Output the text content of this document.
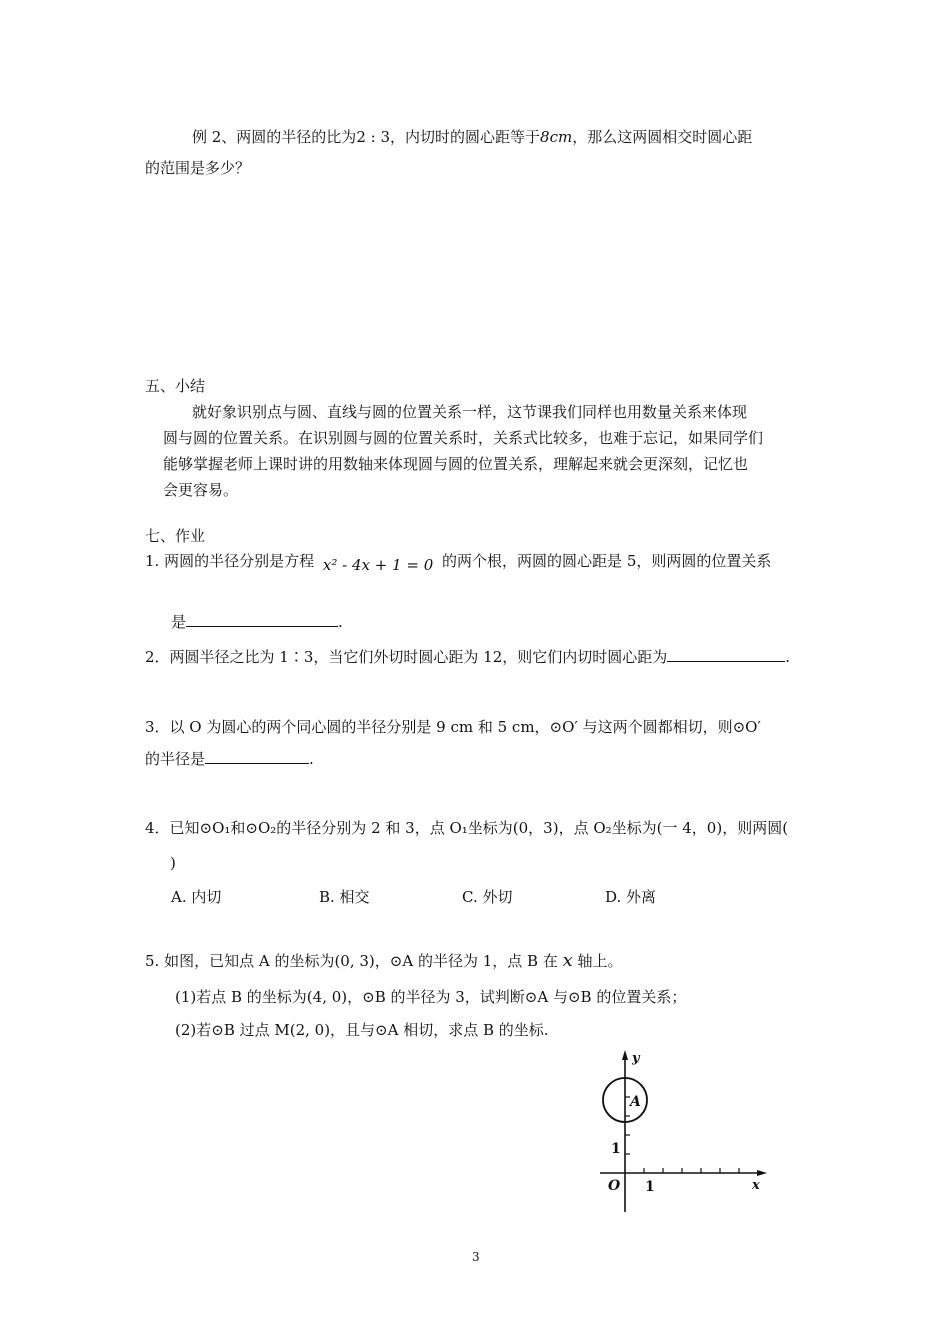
例 2、两圆的半径的比为2 : 3，内切时的圆心距等于8cm，那么这两圆相交时圆心距
的范围是多少？
五、小结
就好象识别点与圆、直线与圆的位置关系一样，这节课我们同样也用数量关系来体现
圆与圆的位置关系。在识别圆与圆的位置关系时，关系式比较多，也难于忘记，如果同学们
能够掌握老师上课时讲的用数轴来体现圆与圆的位置关系，理解起来就会更深刻，记忆也
会更容易。
七、作业
1. 两圆的半径分别是方程 x² - 4x + 1 = 0 的两个根，两圆的圆心距是 5，则两圆的位置关系
是	.
2．两圆半径之比为 1∶3，当它们外切时圆心距为 12，则它们内切时圆心距为	.
3．以 O 为圆心的两个同心圆的半径分别是 9 cm 和 5 cm，⊙O′ 与这两个圆都相切，则⊙O′
的半径是	.
4．已知⊙O₁和⊙O₂的半径分别为 2 和 3，点 O₁坐标为(0，3)，点 O₂坐标为(一 4，0)，则两圆(
)
A. 内切	B. 相交	C. 外切	D. 外离
5. 如图，已知点 A 的坐标为(0, 3)，⊙A 的半径为 1，点 B 在 x 轴上。
(1)若点 B 的坐标为(4, 0)，⊙B 的半径为 3，试判断⊙A 与⊙B 的位置关系；
(2)若⊙B 过点 M(2, 0)，且与⊙A 相切，求点 B 的坐标.
A
y
x
O
1
1
3
